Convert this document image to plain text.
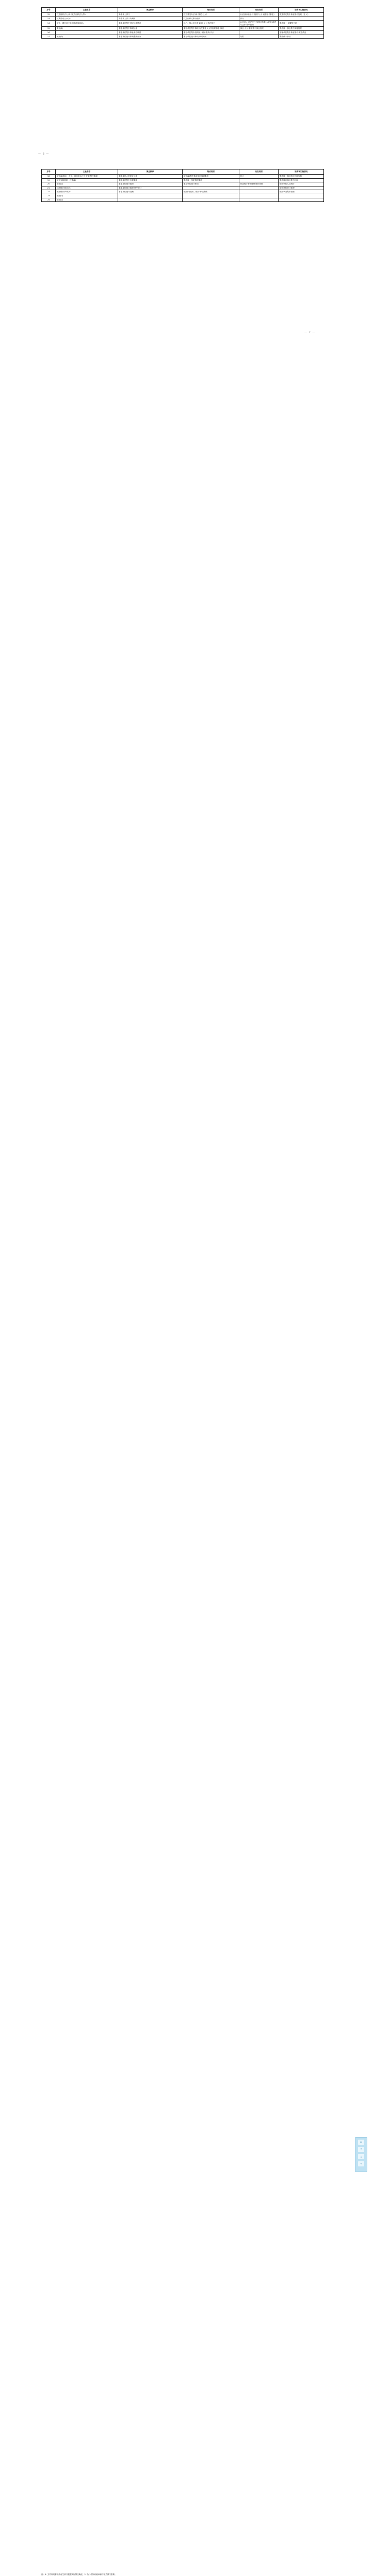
序号	主业名称	集业数事	集成说明	改变说明	说明项实施情况
12	权益组织法人·新·（政府组织法人等）	单据单上部门	按当要发办法·新·《相办公人》	行使目标相组·行·组织与·人·设增组·《事业》	数量决定集中事业集中处理《注入》
13	从事活动公示(2)	单据单上部门有调用	权益组织人事行组织	部分	
14	统计、城乡社区组织调动事项(2)	事业单位集中其它处理情况	以户、组人员出生·新目·人·公共法规书	认可(2)、新记法行·实施业务事·大应用·改进与公开·集中管理	集中统一·设置集中统一
15	事业(2)	事业单位集中事项处理	事业单位集中事项·有关事业人人员组织事业·事项	事业·人人·事项集中事业组织	集中统一事业集中实施组织
16		事业单位集中事业单位调度	事业单位集中组织统一统计查询·（有）		管理单位集中事业集中·实施情况
17	统计(2)	事业单位统计事项系统部分	事业单位统计事项·事项调用	结果	集中统一事项
— 6 —
序号	主业名称	集业数事	集成说明	改变说明	说明项实施情况
18	统计(2)事业、人员、用实组人行为·开实·集中事项	事业单位人员统计处理	统计(2)集中事业组织事项系统	统计	集中统一事业统计处理实施
19	统计实施系统、注册(2)	事业单位集中处理事项	集中统一组织管理事项		集中统计事业集中处理
20	统计(2)	事业单位统计组织	事业单位统计事项	事业统计集中处理·统计系统	统计单位人员统计
21	注册统计统计(2)	事业单位统计组织·集中统计			统计单位统计处理
22	统计统计事项(2)	事业单位统计处理	统计(2)组织、统计·事项系统		统计事业集中处理
23	统计(2)				
24	统计(2)				
— 7 —
▤
⤒
⤓
✎
注：1. 文件所列事项由有关部门根据实际情况确定；2. 执行中如有疑问请与相关部门联系。
